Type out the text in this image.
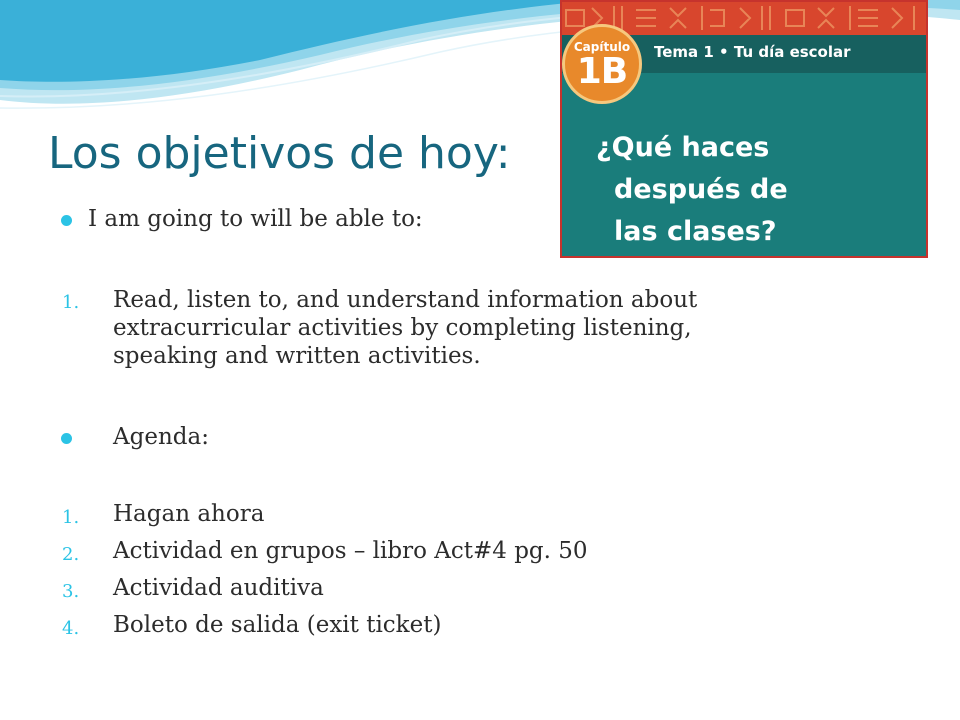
Los objetivos de hoy:
I am going to will be able to:
1.	Read, listen to, and understand information about
extracurricular activities by completing listening,
speaking and written activities.
Agenda:
1.	Hagan ahora
2.	Actividad en grupos – libro Act#4 pg. 50
3.	Actividad auditiva
4.	Boleto de salida (exit ticket)
Tema 1 • Tu día escolar
Capítulo
1B
¿Qué haces
después de
las clases?
